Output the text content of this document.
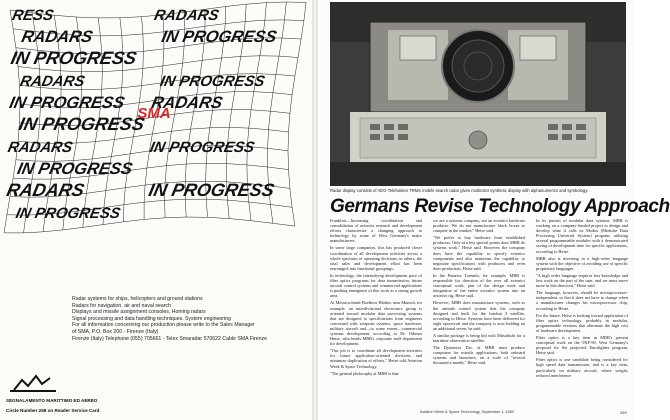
RESS	RADARS
RADARS	IN PROGRESS
IN PROGRESS
RADARS	IN PROGRESS
IN PROGRESS RADARS
IN PROGRESS
RADARS	IN PROGRESS
IN PROGRESS
RADARS	IN PROGRESS
IN PROGRESS
SMA
Radar systems for ships, helicopters and ground stations
Radars for navigation, air and naval search
Displays and missile assignment consoles. Homing radars
Signal processing and data handling techniques. System engineering
For all information concerning our production please write to the Sales Manager
of SMA, P.O. Box 200 - Firenze (Italy)
Firenze (Italy) Telephone (055) 705661 - Telex Smaradar 570622 Cable SMA Firenze
SEGNALAMENTO MARITTIMO ED AEREO
Circle Number 268 on Reader Service Card
Radar display consists of AEG-Telefunken TRMS mobile search radar gives multicolor synthetic display with alphanumerics and symbology.
Germans Revise Technology Approach

Frankfurt—Increasing coordination and consolidation of avionics research and development efforts characterize a changing approach to technology by some of West Germany's major manufacturers.

In some large companies, this has produced closer coordination of all development activities across a whole spectrum of operating divisions; in others, the total sales and development effort has been rearranged into functional groupings.

In technology, the intensifying development pace of fiber optics programs for data transmission, future aircraft control systems and commercial applications is pushing emergence of this work as a strong growth area.

At Messerschmitt-Boelkow-Blohm, near Munich, for example, an interdivisional electronics group is oriented toward modular data processing systems that are designed to specifications from engineers concerned with weapons systems, space hardware, military aircraft and—to some extent—commercial systems development, according to Dr. Othmar Heise, who heads MBB's corporate staff department for development.

"Our job is to coordinate all development activities for future application-oriented divisions and minimize duplication of efforts," Heise told Aviation Week & Space Technology.

"The general philosophy at MBB is that

we are a systems company, not an avionics hardware producer. We do not manufacture black boxes to compete in the market," Heise said.

"We prefer to buy hardware from established producers. Only at a few special points does MBB do systems work," Heise said. However, the company does have the capability to specify avionics components and also maintains the capability to negotiate specifications with producers and even their production, Heise said.

In the Panavia Tornado, for example, MBB is responsible for direction of the over all avionics conceptual work, part of the design work and integration of the entire avionics system into an avionics rig, Heise said.

However, MBB does manufacture systems, such as the attitude control system that the company designed and built for the Intelsat 5 satellite, according to Heise. Systems have been delivered for eight spacecraft and the company is now bidding on an additional seven, he said.

A similar package is being bid with Mitsubishi for a maritime observation satellite.

The Dynamics Div. of MBB must produce computers for missile applications, both onboard systems and launchers, on a scale of "several thousand a month," Heise said.

In its pursuit of modular data systems, MBB is working on a company-funded project to design and develop what it calls its Modus (Modular Data Processing Universal System) program, utilizing several programmable modules with a demonstrated saving of development time for specific applications, according to Heise.

MBB also is investing in a high-order language system with the objective of avoiding use of specific proprietary languages.

"A high order language requires less knowledge and less work on the part of the user, and we must move more in this direction," Heise said.

The language, however, should be microprocessor-independent, so that it does not have to change when a manufacturer changes his microprocessor chip, according to Heise.

For the future, Heise is looking toward application of fiber optics technology, probably in modular, programmable versions that eliminate the high cost of hardware development.

Fiber optics is a key item in MBB's present conceptual work on the TKF-90, West Germany's proposal for the projected Eurofighter program, Heise said.

Fiber optics is one candidate being considered for high speed data transmission, and is a key item, particularly on military aircraft, where weight, reduced interference

Aviation Week & Space Technology, September 1, 1980	269
